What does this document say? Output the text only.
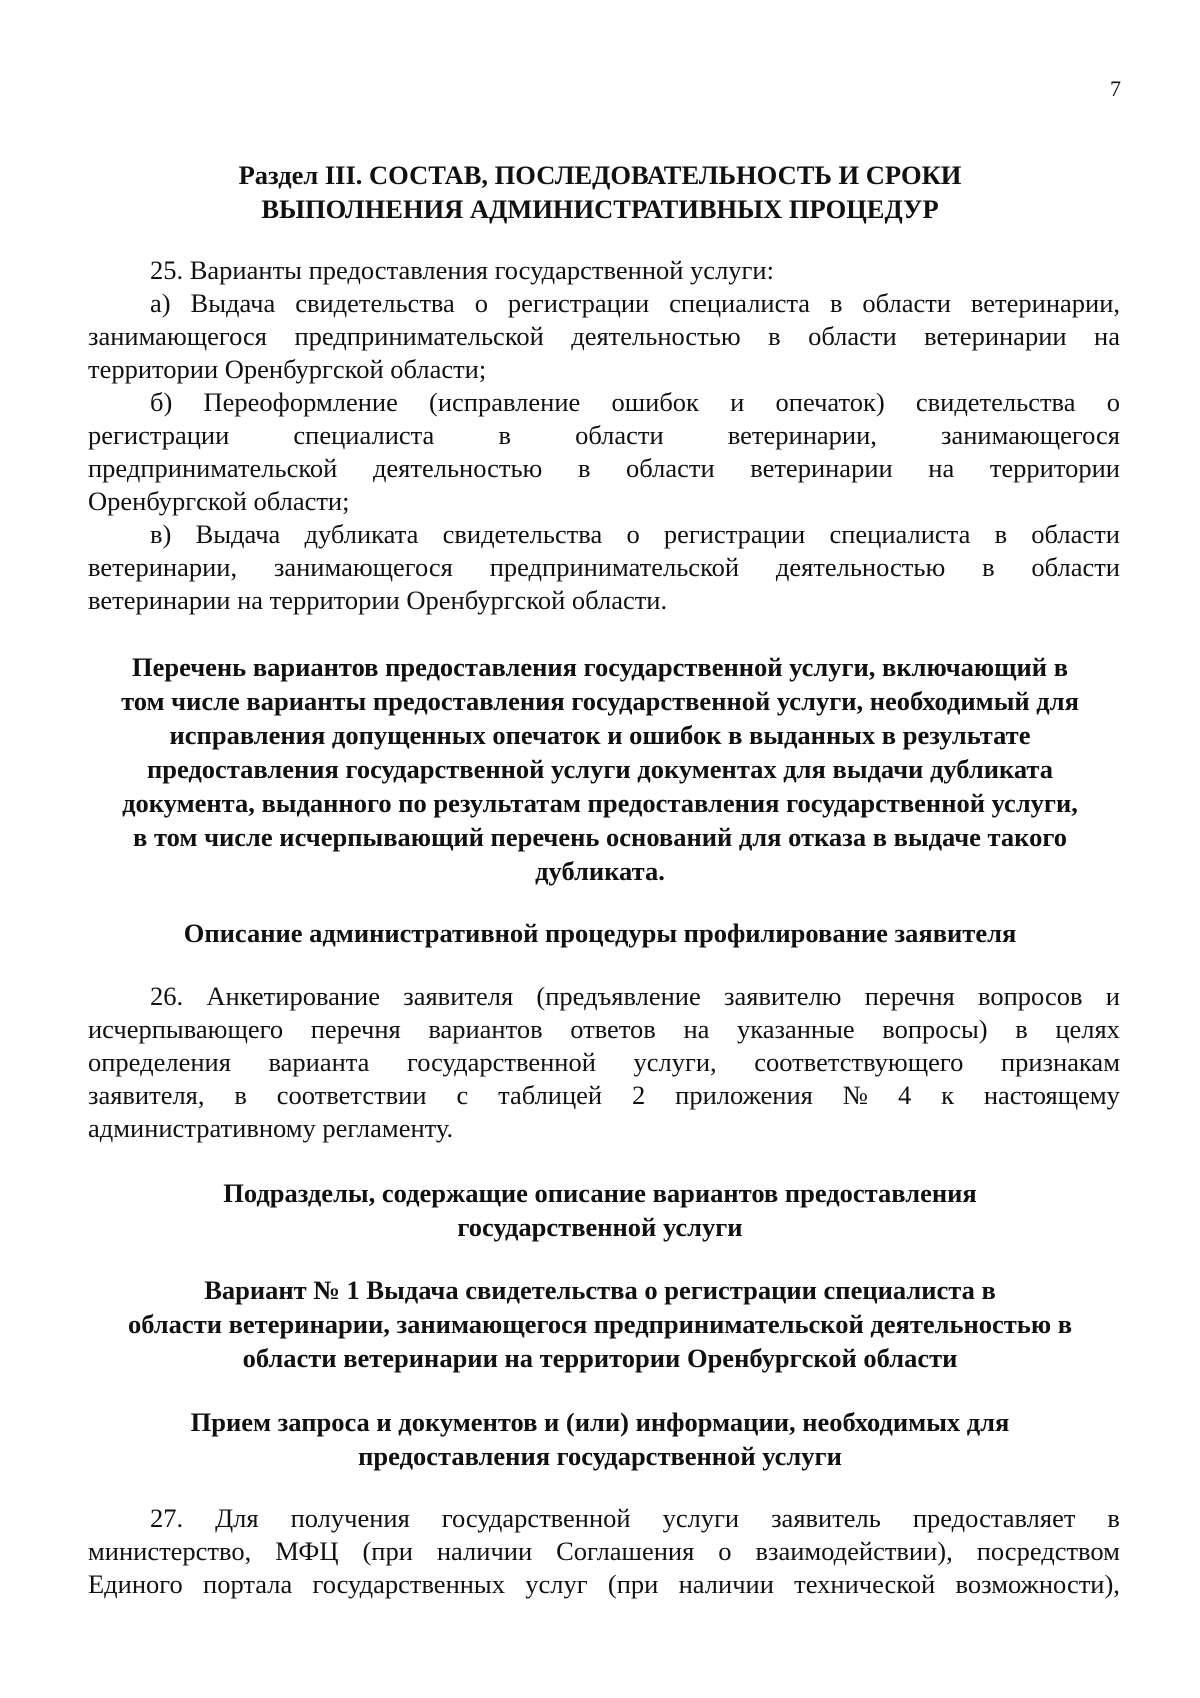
7
Раздел III. СОСТАВ, ПОСЛЕДОВАТЕЛЬНОСТЬ И СРОКИ
ВЫПОЛНЕНИЯ АДМИНИСТРАТИВНЫХ ПРОЦЕДУР
25. Варианты предоставления государственной услуги:
а) Выдача свидетельства о регистрации специалиста в области ветеринарии,
занимающегося предпринимательской деятельностью в области ветеринарии на
территории Оренбургской области;
б) Переоформление (исправление ошибок и опечаток) свидетельства о
регистрации специалиста в области ветеринарии, занимающегося
предпринимательской деятельностью в области ветеринарии на территории
Оренбургской области;
в) Выдача дубликата свидетельства о регистрации специалиста в области
ветеринарии, занимающегося предпринимательской деятельностью в области
ветеринарии на территории Оренбургской области.
Перечень вариантов предоставления государственной услуги, включающий в
том числе варианты предоставления государственной услуги, необходимый для
исправления допущенных опечаток и ошибок в выданных в результате
предоставления государственной услуги документах для выдачи дубликата
документа, выданного по результатам предоставления государственной услуги,
в том числе исчерпывающий перечень оснований для отказа в выдаче такого
дубликата.
Описание административной процедуры профилирование заявителя
26. Анкетирование заявителя (предъявление заявителю перечня вопросов и
исчерпывающего перечня вариантов ответов на указанные вопросы) в целях
определения варианта государственной услуги, соответствующего признакам
заявителя, в соответствии с таблицей 2 приложения № 4 к настоящему
административному регламенту.
Подразделы, содержащие описание вариантов предоставления
государственной услуги
Вариант № 1 Выдача свидетельства о регистрации специалиста в
области ветеринарии, занимающегося предпринимательской деятельностью в
области ветеринарии на территории Оренбургской области
Прием запроса и документов и (или) информации, необходимых для
предоставления государственной услуги
27. Для получения государственной услуги заявитель предоставляет в
министерство, МФЦ (при наличии Соглашения о взаимодействии), посредством
Единого портала государственных услуг (при наличии технической возможности),
